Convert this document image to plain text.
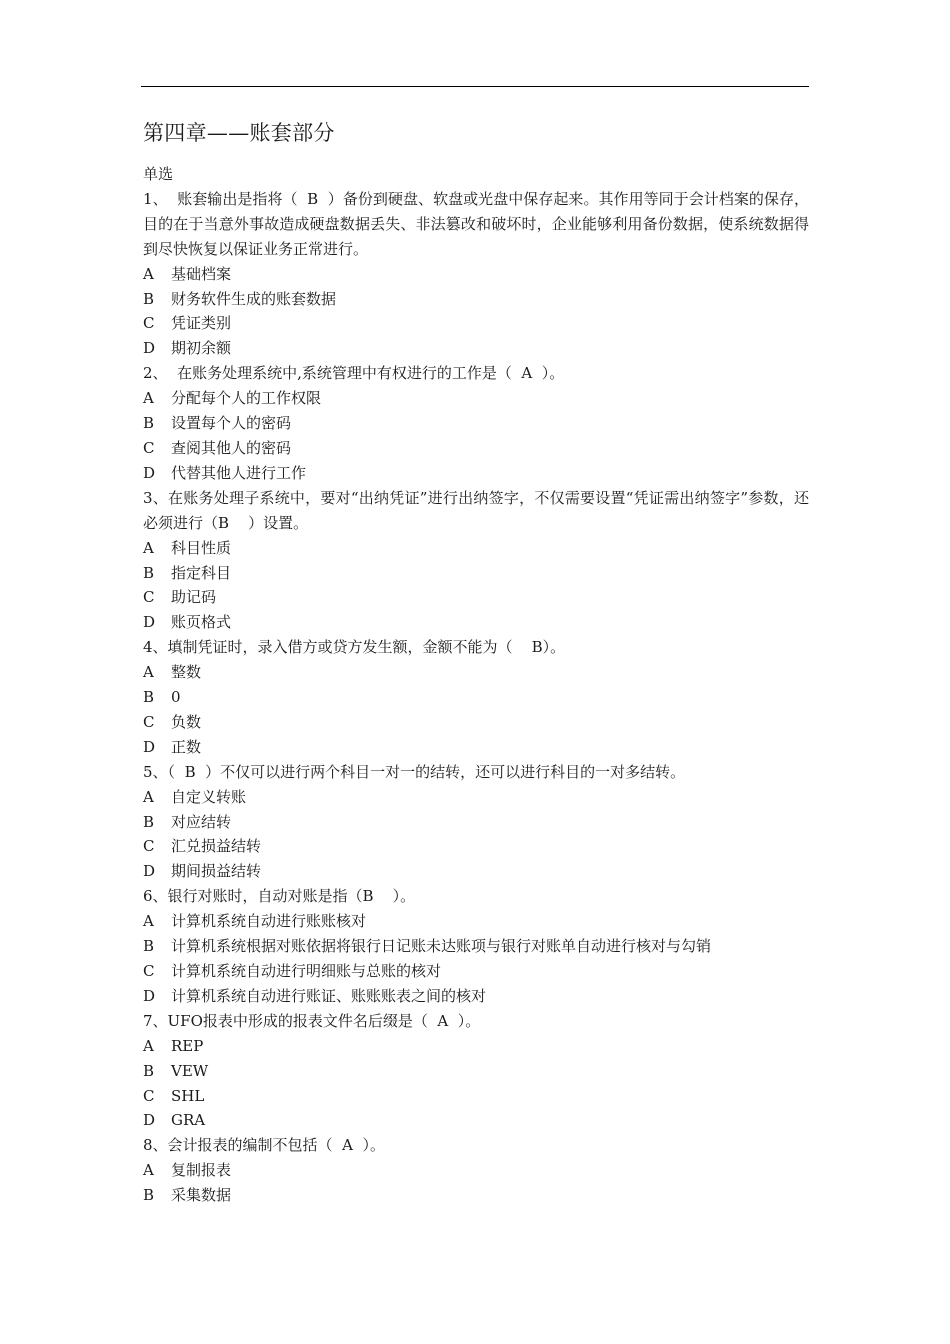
第四章——账套部分

单选

1、  账套输出是指将（  B  ）备份到硬盘、软盘或光盘中保存起来。其作用等同于会计档案的保存，目的在于当意外事故造成硬盘数据丢失、非法篡改和破坏时，企业能够利用备份数据，使系统数据得到尽快恢复以保证业务正常进行。

A	基础档案

B	财务软件生成的账套数据

C	凭证类别

D	期初余额

2、  在账务处理系统中,系统管理中有权进行的工作是（  A  ）。

A	分配每个人的工作权限

B	设置每个人的密码

C	查阅其他人的密码

D	代替其他人进行工作

3、在账务处理子系统中，要对“出纳凭证”进行出纳签字，不仅需要设置“凭证需出纳签字”参数，还必须进行（B    ）设置。

A	科目性质

B	指定科目

C	助记码

D	账页格式

4、填制凭证时，录入借方或贷方发生额，金额不能为（    B）。

A	整数

B	0

C	负数

D	正数

5、（  B  ）不仅可以进行两个科目一对一的结转，还可以进行科目的一对多结转。

A	自定义转账

B	对应结转

C	汇兑损益结转

D	期间损益结转

6、银行对账时，自动对账是指（B    ）。

A	计算机系统自动进行账账核对

B	计算机系统根据对账依据将银行日记账未达账项与银行对账单自动进行核对与勾销

C	计算机系统自动进行明细账与总账的核对

D	计算机系统自动进行账证、账账账表之间的核对

7、UFO报表中形成的报表文件名后缀是（  A  ）。

A	REP

B	VEW

C	SHL

D	GRA

8、会计报表的编制不包括（  A  ）。

A	复制报表

B	采集数据
